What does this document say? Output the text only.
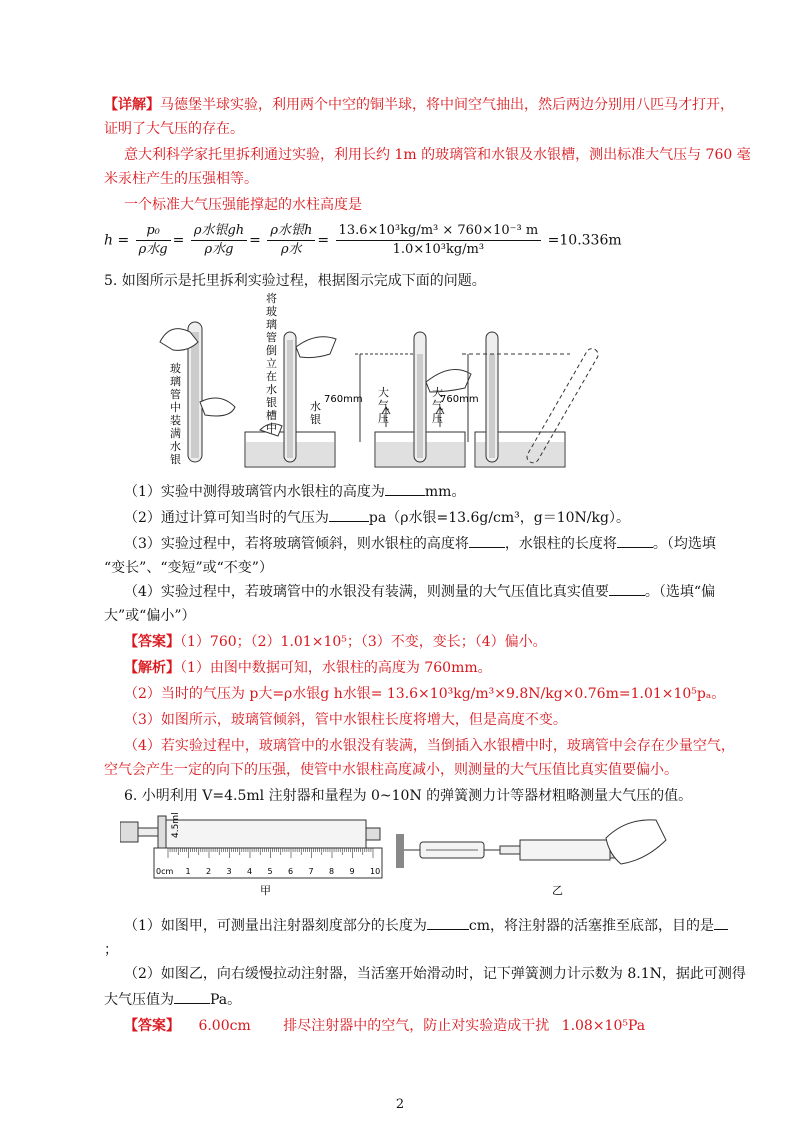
【详解】马德堡半球实验，利用两个中空的铜半球，将中间空气抽出，然后两边分别用八匹马才打开，
证明了大气压的存在。
意大利科学家托里拆利通过实验，利用长约 1m 的玻璃管和水银及水银槽，测出标准大气压与 760 毫
米汞柱产生的压强相等。
一个标准大气压强能撑起的水柱高度是
$h = \frac{\text{p₀}}{\text{ρ水g}} = \frac{\text{ρ水银gh}}{\text{ρ水g}} = \frac{\text{ρ水银h}}{\text{ρ水}} = \frac{\text{13.6×10³kg/m³ × 760×10⁻³ m}}{\text{1.0×10³kg/m³}} =10.336m$
5. 如图所示是托里拆利实验过程，根据图示完成下面的问题。
玻璃管中装满水银
将玻璃管倒立在水银槽中
水银
760mm
大气压
大气压
760mm
（1）实验中测得玻璃管内水银柱的高度为	mm。
（2）通过计算可知当时的气压为	pa（ρ水银=13.6g/cm³，g＝10N/kg）。
（3）实验过程中，若将玻璃管倾斜，则水银柱的高度将	，水银柱的长度将	。（均选填
“变长”、“变短”或“不变”）
（4）实验过程中，若玻璃管中的水银没有装满，则测量的大气压值比真实值要	。（选填“偏
大”或“偏小”）
【答案】（1）760；（2）1.01×10⁵；（3）不变，变长；（4）偏小。
【解析】（1）由图中数据可知，水银柱的高度为 760mm。
（2）当时的气压为 p大=ρ水银g h水银= 13.6×10³kg/m³×9.8N/kg×0.76m=1.01×10⁵pₐ。
（3）如图所示，玻璃管倾斜，管中水银柱长度将增大，但是高度不变。
（4）若实验过程中，玻璃管中的水银没有装满，当倒插入水银槽中时，玻璃管中会存在少量空气，
空气会产生一定的向下的压强，使管中水银柱高度减小，则测量的大气压值比真实值要偏小。
6. 小明利用 V=4.5ml 注射器和量程为 0~10N 的弹簧测力计等器材粗略测量大气压的值。
4.5ml
0cm 1 2 3 4 5 6 7 8 9 10
甲	乙
（1）如图甲，可测量出注射器刻度部分的长度为	cm，将注射器的活塞推至底部，目的是
；
（2）如图乙，向右缓慢拉动注射器，当活塞开始滑动时，记下弹簧测力计示数为 8.1N，据此可测得
大气压值为	Pa。
【答案】 6.00cm 排尽注射器中的空气，防止对实验造成干扰 1.08×10⁵Pa
2
